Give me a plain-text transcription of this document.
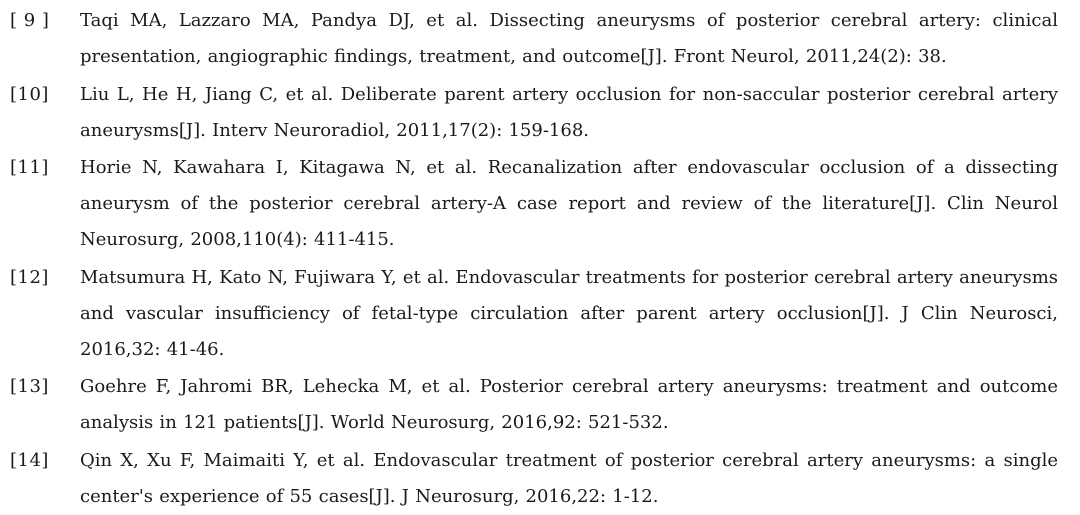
[ 9 ]	Taqi MA, Lazzaro MA, Pandya DJ, et al. Dissecting aneurysms of posterior cerebral artery: clinical presentation, angiographic findings, treatment, and outcome[J]. Front Neurol, 2011,24(2): 38.
[10]	Liu L, He H, Jiang C, et al. Deliberate parent artery occlusion for non-saccular posterior cerebral artery aneurysms[J]. Interv Neuroradiol, 2011,17(2): 159-168.
[11]	Horie N, Kawahara I, Kitagawa N, et al. Recanalization after endovascular occlusion of a dissecting aneurysm of the posterior cerebral artery-A case report and review of the literature[J]. Clin Neurol Neurosurg, 2008,110(4): 411-415.
[12]	Matsumura H, Kato N, Fujiwara Y, et al. Endovascular treatments for posterior cerebral artery aneurysms and vascular insufficiency of fetal-type circulation after parent artery occlusion[J]. J Clin Neurosci, 2016,32: 41-46.
[13]	Goehre F, Jahromi BR, Lehecka M, et al. Posterior cerebral artery aneurysms: treatment and outcome analysis in 121 patients[J]. World Neurosurg, 2016,92: 521-532.
[14]	Qin X, Xu F, Maimaiti Y, et al. Endovascular treatment of posterior cerebral artery aneurysms: a single center's experience of 55 cases[J]. J Neurosurg, 2016,22: 1-12.
